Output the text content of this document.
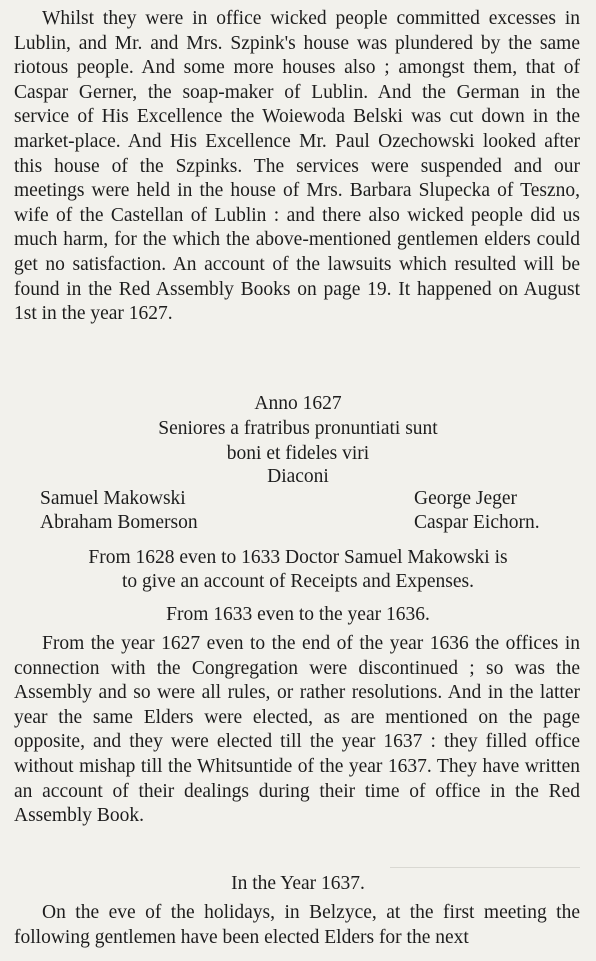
Whilst they were in office wicked people committed excesses in Lublin, and Mr. and Mrs. Szpink's house was plundered by the same riotous people. And some more houses also ; amongst them, that of Caspar Gerner, the soap-maker of Lublin. And the German in the service of His Excellence the Woiewoda Belski was cut down in the market-place. And His Excellence Mr. Paul Ozechowski looked after this house of the Szpinks. The services were suspended and our meetings were held in the house of Mrs. Barbara Slupecka of Teszno, wife of the Castellan of Lublin : and there also wicked people did us much harm, for the which the above-mentioned gentlemen elders could get no satisfaction. An account of the lawsuits which resulted will be found in the Red Assembly Books on page 19. It happened on August 1st in the year 1627.

Anno 1627

Seniores a fratribus pronuntiati sunt

boni et fideles viri

Diaconi

Samuel Makowski

Abraham Bomerson

George Jeger

Caspar Eichorn.

From 1628 even to 1633 Doctor Samuel Makowski is

to give an account of Receipts and Expenses.

From 1633 even to the year 1636.

From the year 1627 even to the end of the year 1636 the offices in connection with the Congregation were discontinued ; so was the Assembly and so were all rules, or rather resolutions. And in the latter year the same Elders were elected, as are mentioned on the page opposite, and they were elected till the year 1637 : they filled office without mishap till the Whitsuntide of the year 1637. They have written an account of their dealings during their time of office in the Red Assembly Book.

In the Year 1637.

On the eve of the holidays, in Belzyce, at the first meeting the following gentlemen have been elected Elders for the next
